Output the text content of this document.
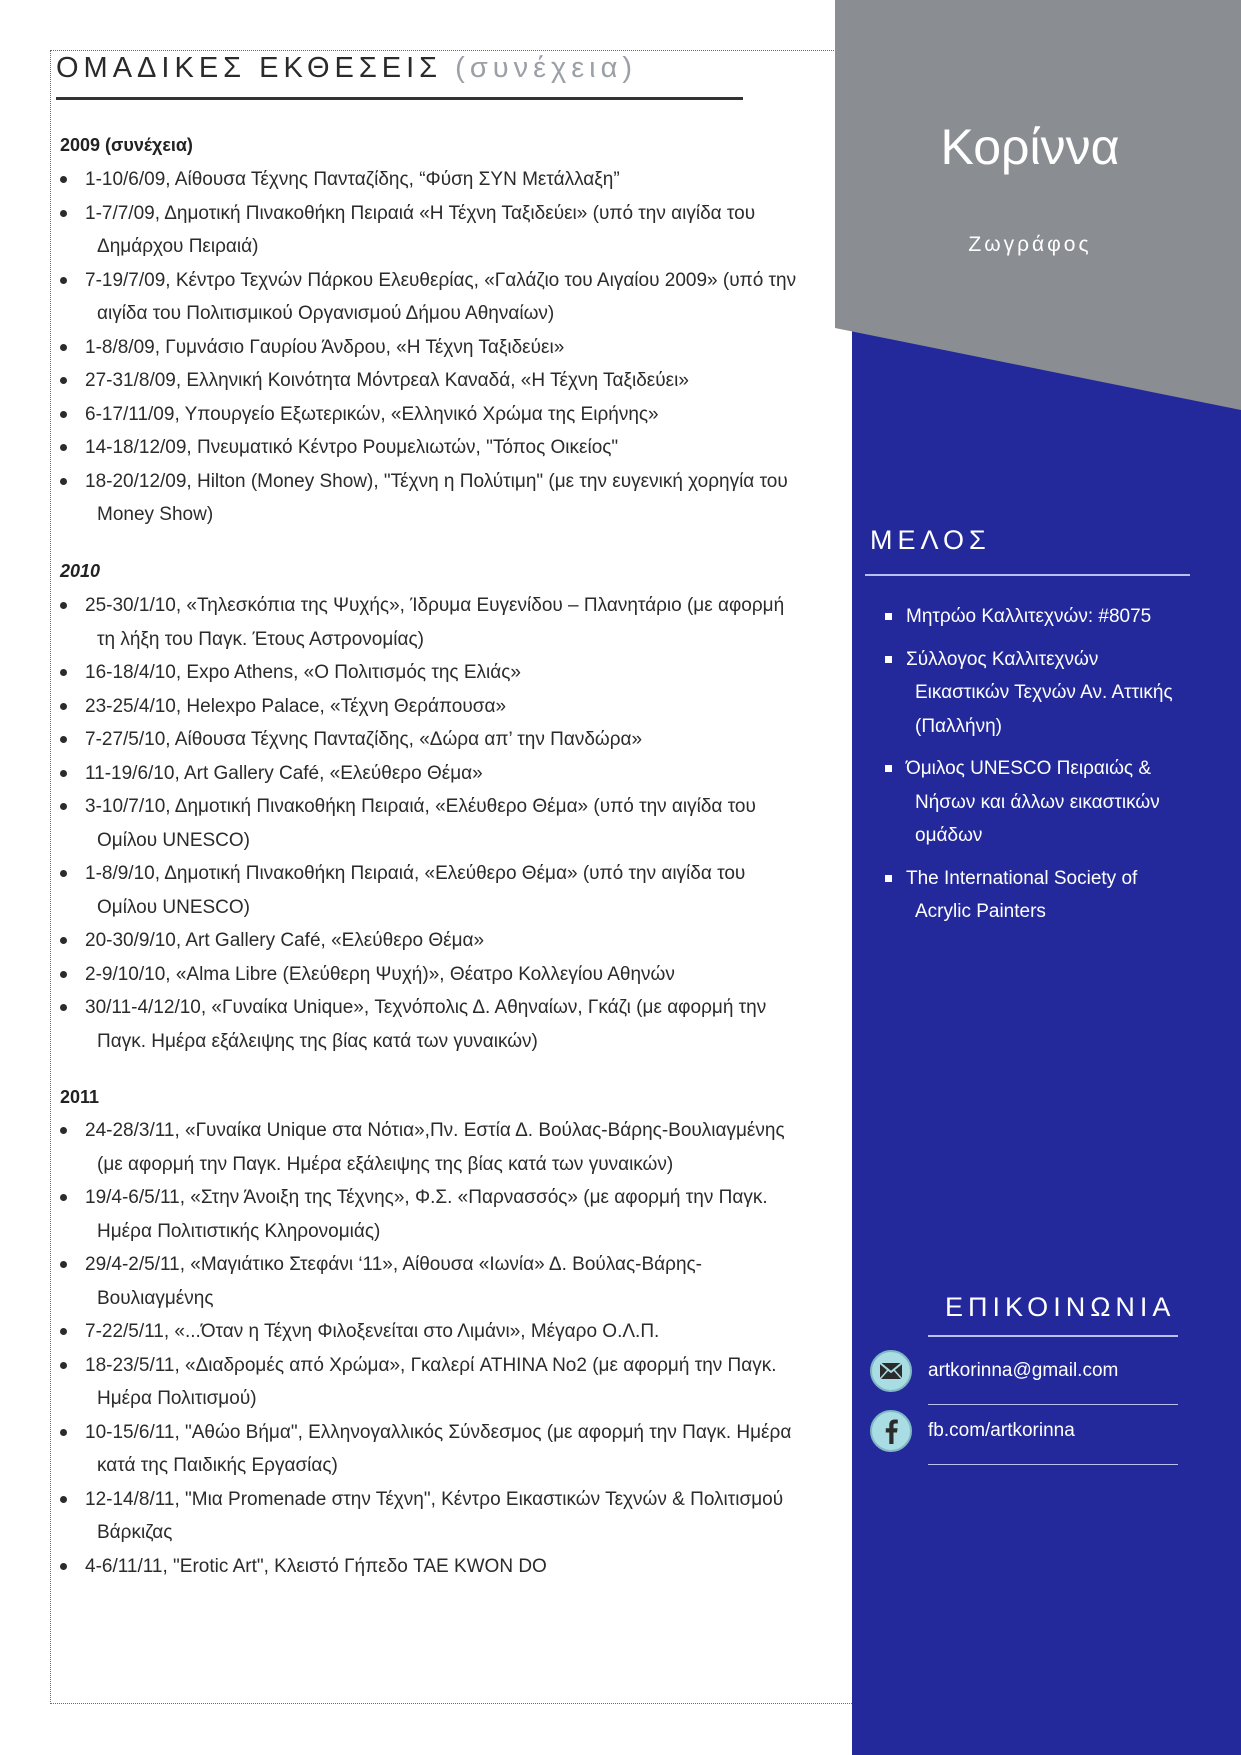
Κορίννα
Ζωγράφος
ΜΕΛΟΣ
Μητρώο Καλλιτεχνών: #8075
Σύλλογος Καλλιτεχνών Εικαστικών Τεχνών Αν. Αττικής (Παλλήνη)
Όμιλος UNESCO Πειραιώς & Νήσων και άλλων εικαστικών ομάδων
The International Society of Acrylic Painters
ΕΠΙΚΟΙΝΩΝΙΑ
artkorinna@gmail.com
fb.com/artkorinna
ΟΜΑΔΙΚΕΣ ΕΚΘΕΣΕΙΣ (συνέχεια)
2009 (συνέχεια)
1-10/6/09, Αίθουσα Τέχνης Πανταζίδης, “Φύση ΣΥΝ Μετάλλαξη”
1-7/7/09, Δημοτική Πινακοθήκη Πειραιά «Η Τέχνη Ταξιδεύει» (υπό την αιγίδα του Δημάρχου Πειραιά)
7-19/7/09, Κέντρο Τεχνών Πάρκου Ελευθερίας, «Γαλάζιο του Αιγαίου 2009» (υπό την αιγίδα του Πολιτισμικού Οργανισμού Δήμου Αθηναίων)
1-8/8/09, Γυμνάσιο Γαυρίου Άνδρου, «Η Τέχνη Ταξιδεύει»
27-31/8/09, Ελληνική Κοινότητα Μόντρεαλ Καναδά, «Η Τέχνη Ταξιδεύει»
6-17/11/09, Υπουργείο Εξωτερικών, «Ελληνικό Χρώμα της Ειρήνης»
14-18/12/09, Πνευματικό Κέντρο Ρουμελιωτών, "Τόπος Οικείος"
18-20/12/09, Hilton (Money Show), "Τέχνη η Πολύτιμη" (με την ευγενική χορηγία του Money Show)
2010
25-30/1/10, «Τηλεσκόπια της Ψυχής», Ίδρυμα Ευγενίδου – Πλανητάριο (με αφορμή τη λήξη του Παγκ. Έτους Αστρονομίας)
16-18/4/10, Expo Athens, «Ο Πολιτισμός της Ελιάς»
23-25/4/10, Helexpo Palace, «Τέχνη Θεράπουσα»
7-27/5/10, Αίθουσα Τέχνης Πανταζίδης, «Δώρα απ’ την Πανδώρα»
11-19/6/10, Art Gallery Café, «Ελεύθερο Θέμα»
3-10/7/10, Δημοτική Πινακοθήκη Πειραιά, «Ελέυθερο Θέμα» (υπό την αιγίδα του Ομίλου UNESCO)
1-8/9/10, Δημοτική Πινακοθήκη Πειραιά, «Ελεύθερο Θέμα» (υπό την αιγίδα του Ομίλου UNESCO)
20-30/9/10, Art Gallery Café, «Ελεύθερο Θέμα»
2-9/10/10, «Alma Libre (Ελεύθερη Ψυχή)», Θέατρο Κολλεγίου Αθηνών
30/11-4/12/10, «Γυναίκα Unique», Τεχνόπολις Δ. Αθηναίων, Γκάζι (με αφορμή την Παγκ. Ημέρα εξάλειψης της βίας κατά των γυναικών)
2011
24-28/3/11, «Γυναίκα Unique στα Νότια»,Πν. Εστία Δ. Βούλας-Βάρης-Βουλιαγμένης (με αφορμή την Παγκ. Ημέρα εξάλειψης της βίας κατά των γυναικών)
19/4-6/5/11, «Στην Άνοιξη της Τέχνης», Φ.Σ. «Παρνασσός» (με αφορμή την Παγκ. Ημέρα Πολιτιστικής Κληρονομιάς)
29/4-2/5/11, «Μαγιάτικο Στεφάνι ‘11», Αίθουσα «Ιωνία» Δ. Βούλας-Βάρης-Βουλιαγμένης
7-22/5/11, «...Όταν η Τέχνη Φιλοξενείται στο Λιμάνι», Μέγαρο Ο.Λ.Π.
18-23/5/11, «Διαδρομές από Χρώμα», Γκαλερί ATHINA No2 (με αφορμή την Παγκ. Ημέρα Πολιτισμού)
10-15/6/11, "Αθώο Βήμα", Ελληνογαλλικός Σύνδεσμος (με αφορμή την Παγκ. Ημέρα κατά της Παιδικής Εργασίας)
12-14/8/11, "Μια Promenade στην Τέχνη", Κέντρο Εικαστικών Τεχνών & Πολιτισμού Βάρκιζας
4-6/11/11, "Erotic Art", Κλειστό Γήπεδο TAE KWON DO
